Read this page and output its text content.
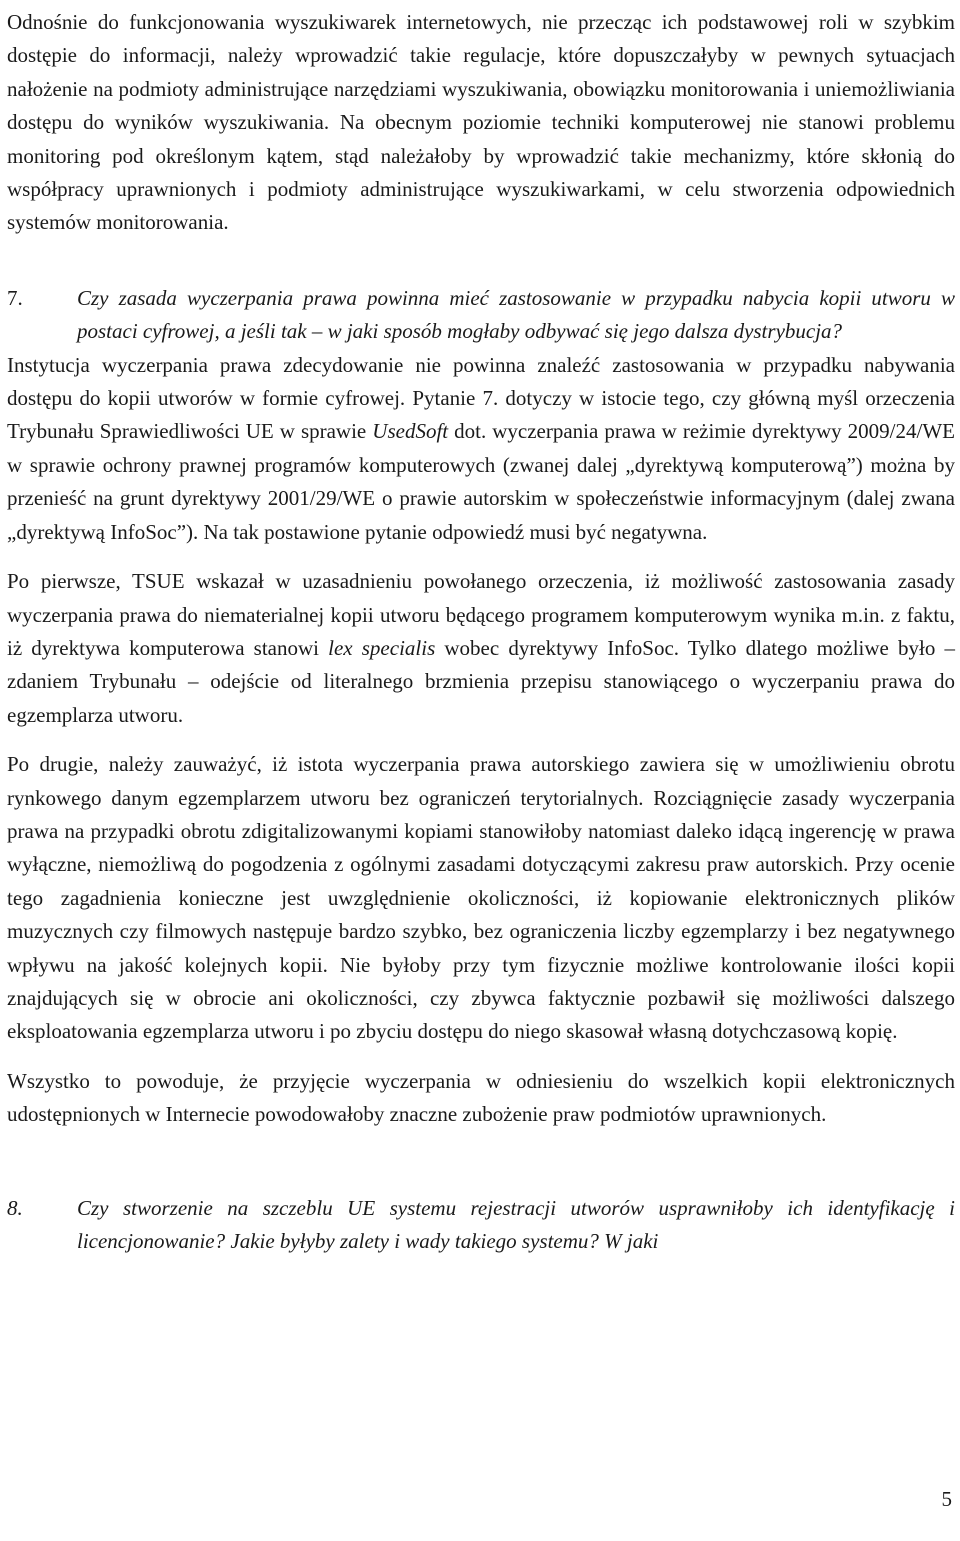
Odnośnie do funkcjonowania wyszukiwarek internetowych, nie przecząc ich podstawowej roli w szybkim dostępie do informacji, należy wprowadzić takie regulacje, które dopuszczałyby w pewnych sytuacjach nałożenie na podmioty administrujące narzędziami wyszukiwania, obowiązku monitorowania i uniemożliwiania dostępu do wyników wyszukiwania. Na obecnym poziomie techniki komputerowej nie stanowi problemu monitoring pod określonym kątem, stąd należałoby by wprowadzić takie mechanizmy, które skłonią do współpracy uprawnionych i podmioty administrujące wyszukiwarkami, w celu stworzenia odpowiednich systemów monitorowania.

7.	Czy zasada wyczerpania prawa powinna mieć zastosowanie w przypadku nabycia kopii utworu w postaci cyfrowej, a jeśli tak – w jaki sposób mogłaby odbywać się jego dalsza dystrybucja?

Instytucja wyczerpania prawa zdecydowanie nie powinna znaleźć zastosowania w przypadku nabywania dostępu do kopii utworów w formie cyfrowej. Pytanie 7. dotyczy w istocie tego, czy główną myśl orzeczenia Trybunału Sprawiedliwości UE w sprawie UsedSoft dot. wyczerpania prawa w reżimie dyrektywy 2009/24/WE w sprawie ochrony prawnej programów komputerowych (zwanej dalej „dyrektywą komputerową”) można by przenieść na grunt dyrektywy 2001/29/WE o prawie autorskim w społeczeństwie informacyjnym (dalej zwana „dyrektywą InfoSoc”). Na tak postawione pytanie odpowiedź musi być negatywna.

Po pierwsze, TSUE wskazał w uzasadnieniu powołanego orzeczenia, iż możliwość zastosowania zasady wyczerpania prawa do niematerialnej kopii utworu będącego programem komputerowym wynika m.in. z faktu, iż dyrektywa komputerowa stanowi lex specialis wobec dyrektywy InfoSoc. Tylko dlatego możliwe było – zdaniem Trybunału – odejście od literalnego brzmienia przepisu stanowiącego o wyczerpaniu prawa do egzemplarza utworu.

Po drugie, należy zauważyć, iż istota wyczerpania prawa autorskiego zawiera się w umożliwieniu obrotu rynkowego danym egzemplarzem utworu bez ograniczeń terytorialnych. Rozciągnięcie zasady wyczerpania prawa na przypadki obrotu zdigitalizowanymi kopiami stanowiłoby natomiast daleko idącą ingerencję w prawa wyłączne, niemożliwą do pogodzenia z ogólnymi zasadami dotyczącymi zakresu praw autorskich. Przy ocenie tego zagadnienia konieczne jest uwzględnienie okoliczności, iż kopiowanie elektronicznych plików muzycznych czy filmowych następuje bardzo szybko, bez ograniczenia liczby egzemplarzy i bez negatywnego wpływu na jakość kolejnych kopii. Nie byłoby przy tym fizycznie możliwe kontrolowanie ilości kopii znajdujących się w obrocie ani okoliczności, czy zbywca faktycznie pozbawił się możliwości dalszego eksploatowania egzemplarza utworu i po zbyciu dostępu do niego skasował własną dotychczasową kopię.

Wszystko to powoduje, że przyjęcie wyczerpania w odniesieniu do wszelkich kopii elektronicznych udostępnionych w Internecie powodowałoby znaczne zubożenie praw podmiotów uprawnionych.

8.	Czy stworzenie na szczeblu UE systemu rejestracji utworów usprawniłoby ich identyfikację i licencjonowanie? Jakie byłyby zalety i wady takiego systemu? W jaki
5
